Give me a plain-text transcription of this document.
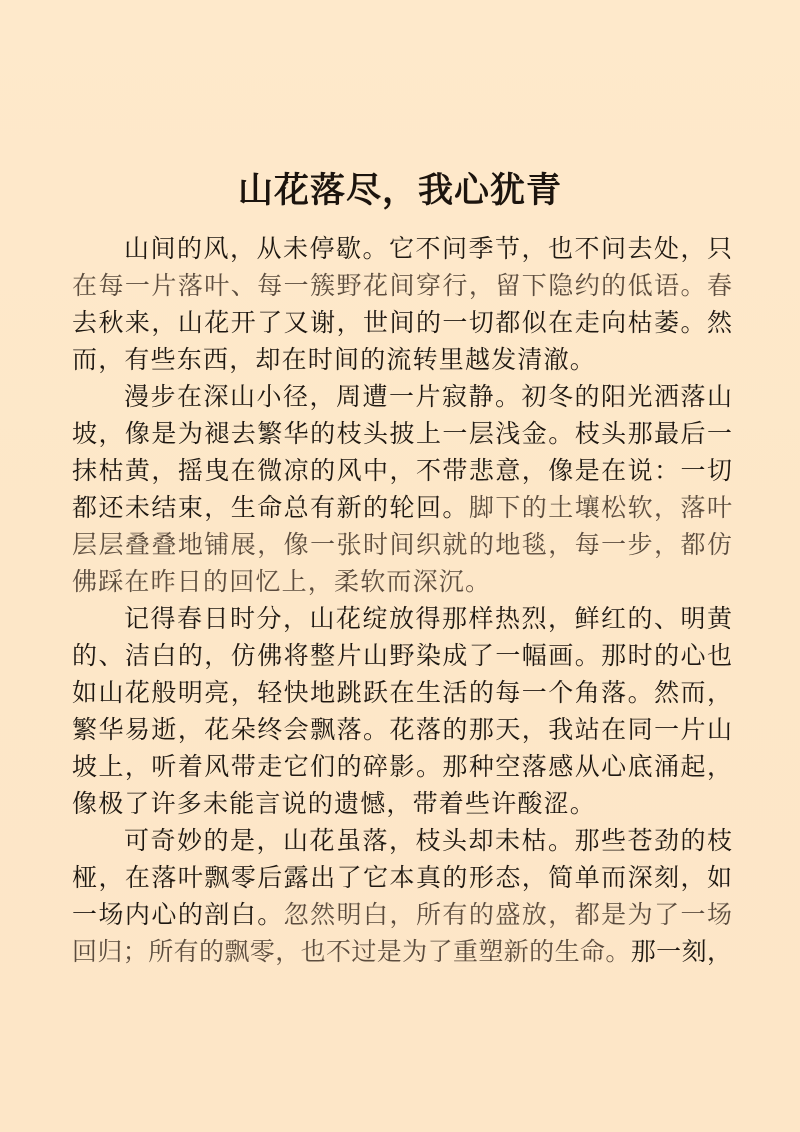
山花落尽，我心犹青
山间的风，从未停歇。它不问季节，也不问去处，只
在每一片落叶、每一簇野花间穿行，留下隐约的低语。春
去秋来，山花开了又谢，世间的一切都似在走向枯萎。然
而，有些东西，却在时间的流转里越发清澈。
漫步在深山小径，周遭一片寂静。初冬的阳光洒落山
坡，像是为褪去繁华的枝头披上一层浅金。枝头那最后一
抹枯黄，摇曳在微凉的风中，不带悲意，像是在说：一切
都还未结束，生命总有新的轮回。脚下的土壤松软，落叶
层层叠叠地铺展，像一张时间织就的地毯，每一步，都仿
佛踩在昨日的回忆上，柔软而深沉。
记得春日时分，山花绽放得那样热烈，鲜红的、明黄
的、洁白的，仿佛将整片山野染成了一幅画。那时的心也
如山花般明亮，轻快地跳跃在生活的每一个角落。然而，
繁华易逝，花朵终会飘落。花落的那天，我站在同一片山
坡上，听着风带走它们的碎影。那种空落感从心底涌起，
像极了许多未能言说的遗憾，带着些许酸涩。
可奇妙的是，山花虽落，枝头却未枯。那些苍劲的枝
桠，在落叶飘零后露出了它本真的形态，简单而深刻，如
一场内心的剖白。忽然明白，所有的盛放，都是为了一场
回归；所有的飘零，也不过是为了重塑新的生命。那一刻，
